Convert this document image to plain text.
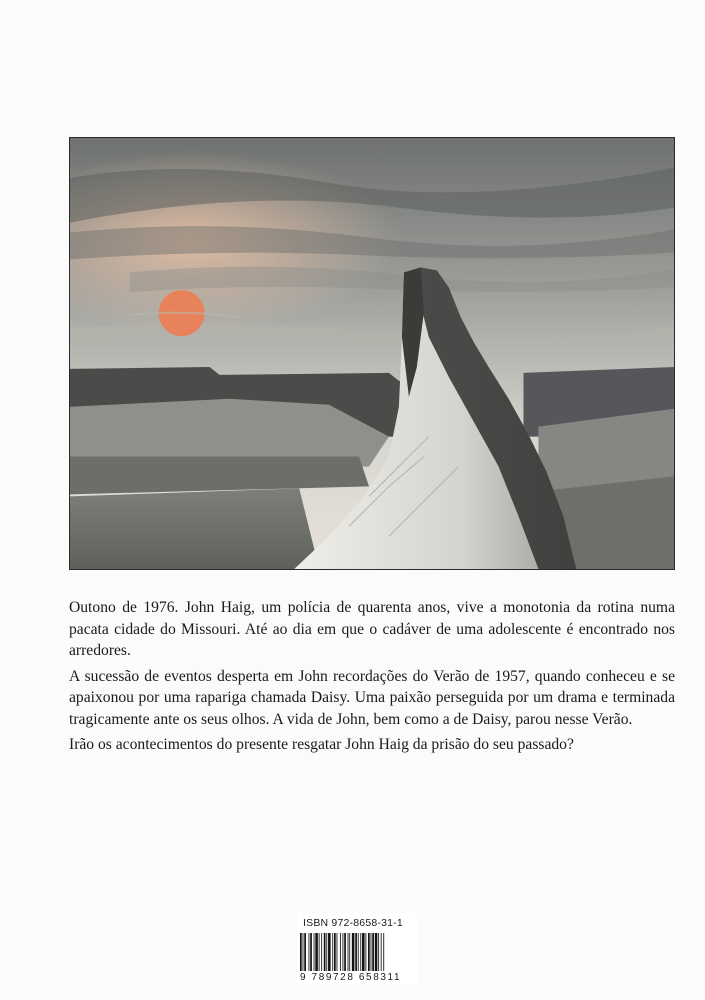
Outono de 1976. John Haig, um polícia de quarenta anos, vive a monotonia da rotina numa pacata cidade do Missouri. Até ao dia em que o cadáver de uma adolescente é encontrado nos arredores.

A sucessão de eventos desperta em John recordações do Verão de 1957, quando conheceu e se apaixonou por uma rapariga chamada Daisy. Uma paixão perseguida por um drama e terminada tragicamente ante os seus olhos. A vida de John, bem como a de Daisy, parou nesse Verão.

Irão os acontecimentos do presente resgatar John Haig da prisão do seu passado?

ISBN 972-8658-31-1
9 789728 658311
